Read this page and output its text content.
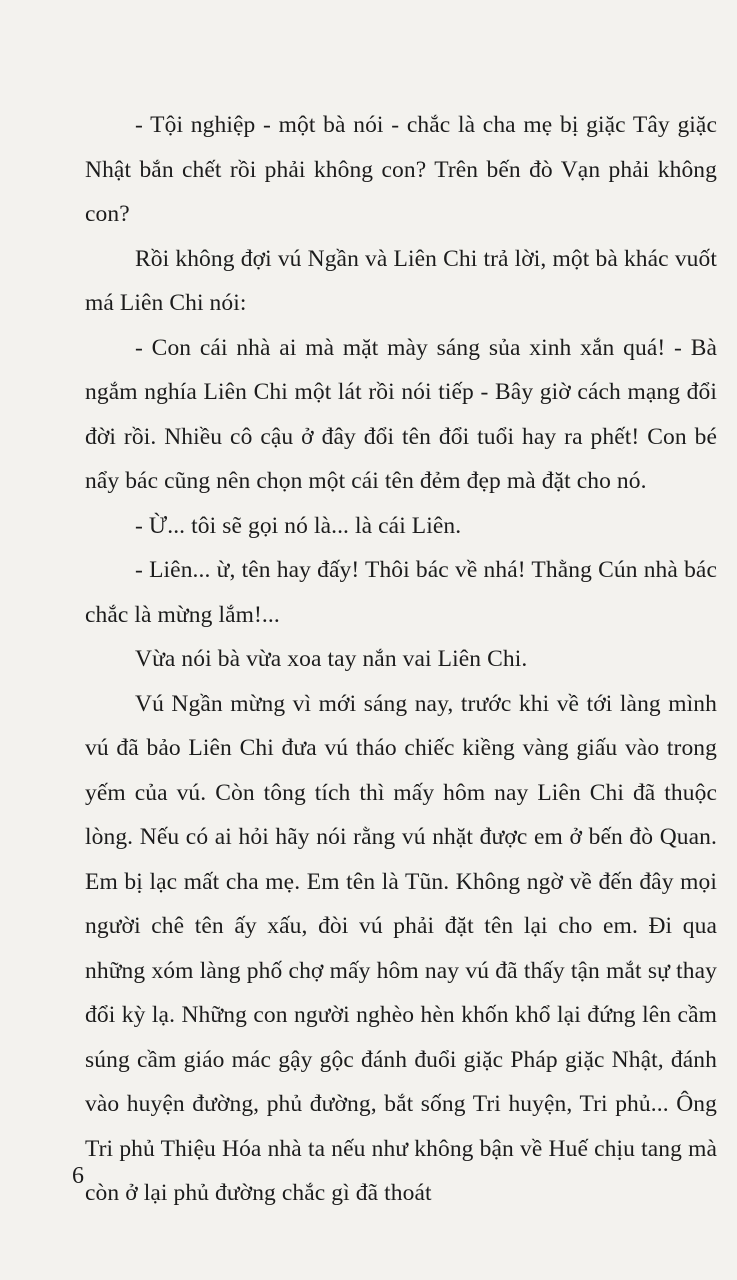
- Tội nghiệp - một bà nói - chắc là cha mẹ bị giặc Tây giặc Nhật bắn chết rồi phải không con? Trên bến đò Vạn phải không con?

Rồi không đợi vú Ngần và Liên Chi trả lời, một bà khác vuốt má Liên Chi nói:

- Con cái nhà ai mà mặt mày sáng sủa xinh xắn quá! - Bà ngắm nghía Liên Chi một lát rồi nói tiếp - Bây giờ cách mạng đổi đời rồi. Nhiều cô cậu ở đây đổi tên đổi tuổi hay ra phết! Con bé nẩy bác cũng nên chọn một cái tên đẻm đẹp mà đặt cho nó.

- Ừ... tôi sẽ gọi nó là... là cái Liên.

- Liên... ừ, tên hay đấy! Thôi bác về nhá! Thằng Cún nhà bác chắc là mừng lắm!...

Vừa nói bà vừa xoa tay nắn vai Liên Chi.

Vú Ngần mừng vì mới sáng nay, trước khi về tới làng mình vú đã bảo Liên Chi đưa vú tháo chiếc kiềng vàng giấu vào trong yếm của vú. Còn tông tích thì mấy hôm nay Liên Chi đã thuộc lòng. Nếu có ai hỏi hãy nói rằng vú nhặt được em ở bến đò Quan. Em bị lạc mất cha mẹ. Em tên là Tũn. Không ngờ về đến đây mọi người chê tên ấy xấu, đòi vú phải đặt tên lại cho em. Đi qua những xóm làng phố chợ mấy hôm nay vú đã thấy tận mắt sự thay đổi kỳ lạ. Những con người nghèo hèn khốn khổ lại đứng lên cầm súng cầm giáo mác gậy gộc đánh đuổi giặc Pháp giặc Nhật, đánh vào huyện đường, phủ đường, bắt sống Tri huyện, Tri phủ... Ông Tri phủ Thiệu Hóa nhà ta nếu như không bận về Huế chịu tang mà còn ở lại phủ đường chắc gì đã thoát

6
